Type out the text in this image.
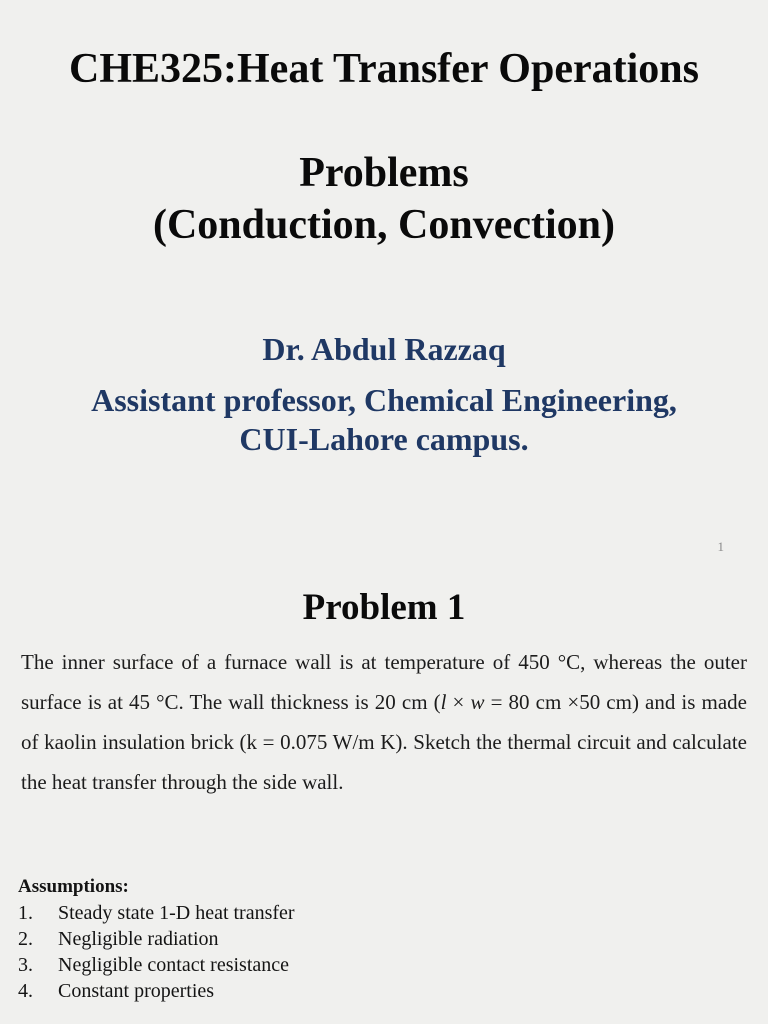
CHE325:Heat Transfer Operations
Problems
(Conduction, Convection)
Dr. Abdul Razzaq
Assistant professor, Chemical Engineering,
CUI-Lahore campus.
1
Problem 1
The inner surface of a furnace wall is at temperature of 450 °C, whereas the outer surface is at 45 °C. The wall thickness is 20 cm (l × w = 80 cm ×50 cm) and is made of kaolin insulation brick (k = 0.075 W/m K). Sketch the thermal circuit and calculate the heat transfer through the side wall.
Assumptions:
1.	Steady state 1-D heat transfer
2.	Negligible radiation
3.	Negligible contact resistance
4.	Constant properties
